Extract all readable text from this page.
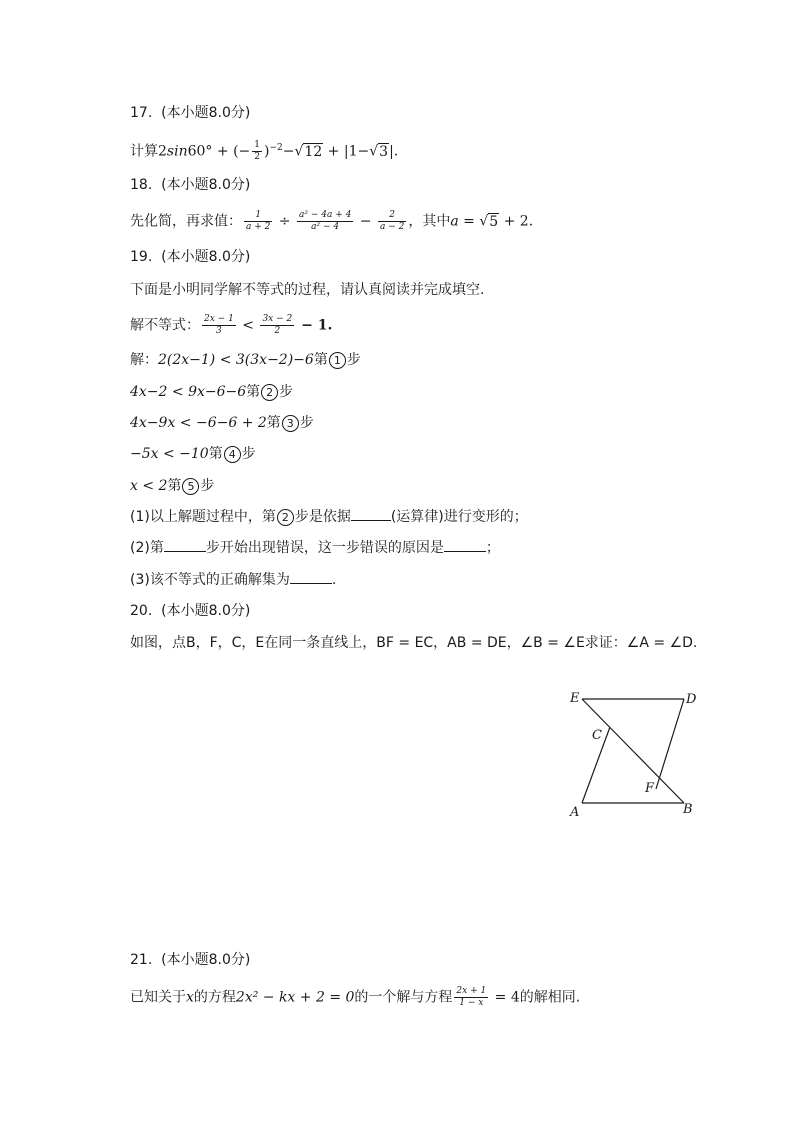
17.  (本小题8.0分)
计算2sin60° + (− $\frac{1}{2} )^{-2}-√12 + |1-√3|$.
18.  (本小题8.0分)
先化简，再求值： $\frac{1}{a + 2} \div \frac{\text{a² − 4a + 4}}{\text{a² − 4}} - \frac{2}{a - 2}$ ，其中a = √5 + 2.
19.  (本小题8.0分)
下面是小明同学解不等式的过程，请认真阅读并完成填空.
解不等式： $\frac{2x - 1}{3} < \frac{3x - 2}{2} - 1$.
解：2(2x−1) < 3(3x−2)−6第 1 步
4x−2 < 9x−6−6第 2 步
4x−9x < −6−6 + 2第 3 步
−5x < −10第 4 步
x < 2第 5 步
(1)以上解题过程中，第 2 步是依据	(运算律)进行变形的；
(2)第	步开始出现错误，这一步错误的原因是	；
(3)该不等式的正确解集为	.
20.  (本小题8.0分)
如图，点B，F，C，E在同一条直线上，BF = EC，AB = DE，∠B = ∠E求证：∠A = ∠D.
E	D
C
F
A	B
21.  (本小题8.0分)
已知关于x的方程2x² − kx + 2 = 0的一个解与方程 $\frac{2x + 1}{1 - x} = 4$的解相同.
